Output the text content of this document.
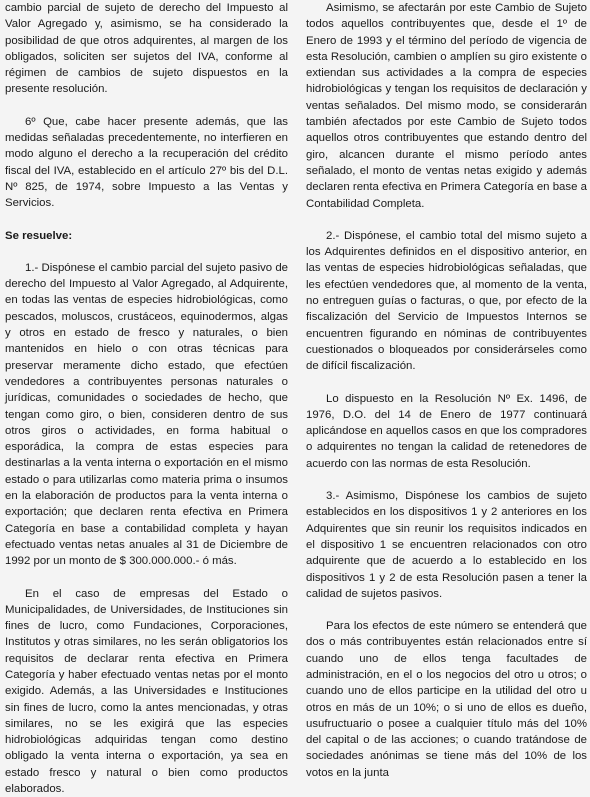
cambio parcial de sujeto de derecho del Impuesto al Valor Agregado y, asimismo, se ha considerado la posibilidad de que otros adquirentes, al margen de los obligados, soliciten ser sujetos del IVA, conforme al régimen de cambios de sujeto dispuestos en la presente resolución.

6º Que, cabe hacer presente además, que las medidas señaladas precedentemente, no interfieren en modo alguno el derecho a la recuperación del crédito fiscal del IVA, establecido en el artículo 27º bis del D.L. Nº 825, de 1974, sobre Impuesto a las Ventas y Servicios.

Se resuelve:

1.- Dispónese el cambio parcial del sujeto pasivo de derecho del Impuesto al Valor Agregado, al Adquirente, en todas las ventas de especies hidrobiológicas, como pescados, moluscos, crustáceos, equinodermos, algas y otros en estado de fresco y naturales, o bien mantenidos en hielo o con otras técnicas para preservar meramente dicho estado, que efectúen vendedores a contribuyentes personas naturales o jurídicas, comunidades o sociedades de hecho, que tengan como giro, o bien, consideren dentro de sus otros giros o actividades, en forma habitual o esporádica, la compra de estas especies para destinarlas a la venta interna o exportación en el mismo estado o para utilizarlas como materia prima o insumos en la elaboración de productos para la venta interna o exportación; que declaren renta efectiva en Primera Categoría en base a contabilidad completa y hayan efectuado ventas netas anuales al 31 de Diciembre de 1992 por un monto de $ 300.000.000.- ó más.

En el caso de empresas del Estado o Municipalidades, de Universidades, de Instituciones sin fines de lucro, como Fundaciones, Corporaciones, Institutos y otras similares, no les serán obligatorios los requisitos de declarar renta efectiva en Primera Categoría y haber efectuado ventas netas por el monto exigido. Además, a las Universidades e Instituciones sin fines de lucro, como la antes mencionadas, y otras similares, no se les exigirá que las especies hidrobiológicas adquiridas tengan como destino obligado la venta interna o exportación, ya sea en estado fresco y natural o bien como productos elaborados.

Asimismo, se afectarán por este Cambio de Sujeto todos aquellos contribuyentes que, desde el 1º de Enero de 1993 y el término del período de vigencia de esta Resolución, cambien o amplíen su giro existente o extiendan sus actividades a la compra de especies hidrobiológicas y tengan los requisitos de declaración y ventas señalados. Del mismo modo, se considerarán también afectados por este Cambio de Sujeto todos aquellos otros contribuyentes que estando dentro del giro, alcancen durante el mismo período antes señalado, el monto de ventas netas exigido y además declaren renta efectiva en Primera Categoría en base a Contabilidad Completa.

2.- Dispónese, el cambio total del mismo sujeto a los Adquirentes definidos en el dispositivo anterior, en las ventas de especies hidrobiológicas señaladas, que les efectúen vendedores que, al momento de la venta, no entreguen guías o facturas, o que, por efecto de la fiscalización del Servicio de Impuestos Internos se encuentren figurando en nóminas de contribuyentes cuestionados o bloqueados por considerárseles como de difícil fiscalización.

Lo dispuesto en la Resolución Nº Ex. 1496, de 1976, D.O. del 14 de Enero de 1977 continuará aplicándose en aquellos casos en que los compradores o adquirentes no tengan la calidad de retenedores de acuerdo con las normas de esta Resolución.

3.- Asimismo, Dispónese los cambios de sujeto establecidos en los dispositivos 1 y 2 anteriores en los Adquirentes que sin reunir los requisitos indicados en el dispositivo 1 se encuentren relacionados con otro adquirente que de acuerdo a lo establecido en los dispositivos 1 y 2 de esta Resolución pasen a tener la calidad de sujetos pasivos.

Para los efectos de este número se entenderá que dos o más contribuyentes están relacionados entre sí cuando uno de ellos tenga facultades de administración, en el o los negocios del otro u otros; o cuando uno de ellos participe en la utilidad del otro u otros en más de un 10%; o si uno de ellos es dueño, usufructuario o posee a cualquier título más del 10% del capital o de las acciones; o cuando tratándose de sociedades anónimas se tiene más del 10% de los votos en la junta
